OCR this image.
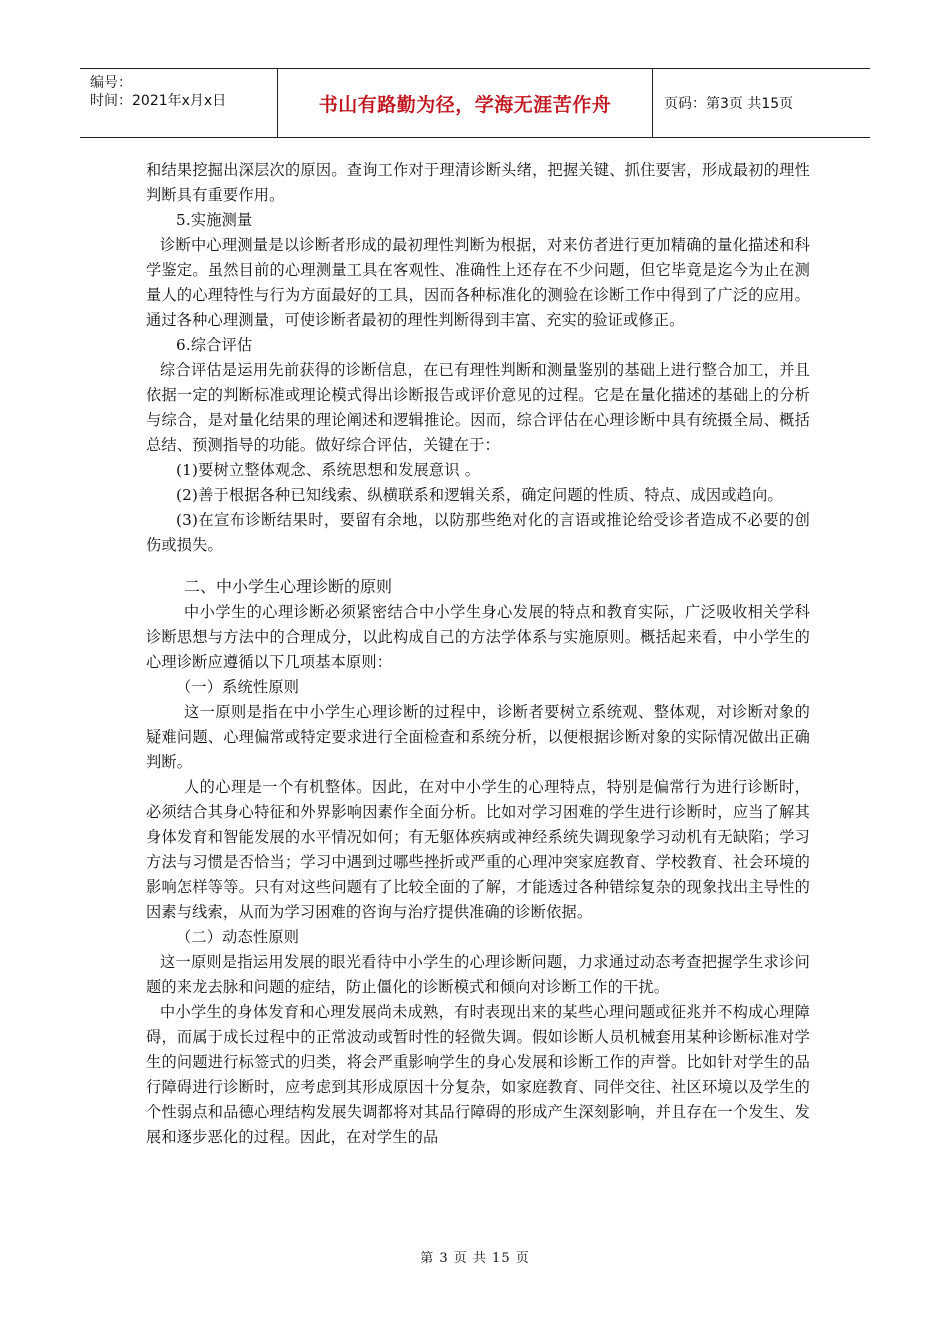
编号：
时间：2021年x月x日	书山有路勤为径，学海无涯苦作舟	页码：第3页 共15页

和结果挖掘出深层次的原因。查询工作对于理清诊断头绪，把握关键、抓住要害，形成最初的理性判断具有重要作用。

5.实施测量

诊断中心理测量是以诊断者形成的最初理性判断为根据，对来仿者进行更加精确的量化描述和科学鉴定。虽然目前的心理测量工具在客观性、准确性上还存在不少问题，但它毕竟是迄今为止在测量人的心理特性与行为方面最好的工具，因而各种标准化的测验在诊断工作中得到了广泛的应用。通过各种心理测量，可使诊断者最初的理性判断得到丰富、充实的验证或修正。

6.综合评估

综合评估是运用先前获得的诊断信息，在已有理性判断和测量鉴别的基础上进行整合加工，并且依据一定的判断标准或理论模式得出诊断报告或评价意见的过程。它是在量化描述的基础上的分析与综合，是对量化结果的理论阐述和逻辑推论。因而，综合评估在心理诊断中具有统摄全局、概括总结、预测指导的功能。做好综合评估，关键在于：

(1)要树立整体观念、系统思想和发展意识 。

(2)善于根据各种已知线索、纵横联系和逻辑关系，确定问题的性质、特点、成因或趋向。

(3)在宣布诊断结果时，要留有余地，以防那些绝对化的言语或推论给受诊者造成不必要的创伤或损失。

二、中小学生心理诊断的原则

中小学生的心理诊断必须紧密结合中小学生身心发展的特点和教育实际，广泛吸收相关学科诊断思想与方法中的合理成分，以此构成自己的方法学体系与实施原则。概括起来看，中小学生的心理诊断应遵循以下几项基本原则：

（一）系统性原则

这一原则是指在中小学生心理诊断的过程中，诊断者要树立系统观、整体观，对诊断对象的疑难问题、心理偏常或特定要求进行全面检查和系统分析，以便根据诊断对象的实际情况做出正确判断。

人的心理是一个有机整体。因此，在对中小学生的心理特点，特别是偏常行为进行诊断时，必须结合其身心特征和外界影响因素作全面分析。比如对学习困难的学生进行诊断时，应当了解其身体发育和智能发展的水平情况如何；有无躯体疾病或神经系统失调现象学习动机有无缺陷；学习方法与习惯是否恰当；学习中遇到过哪些挫折或严重的心理冲突家庭教育、学校教育、社会环境的影响怎样等等。只有对这些问题有了比较全面的了解，才能透过各种错综复杂的现象找出主导性的因素与线索，从而为学习困难的咨询与治疗提供准确的诊断依据。

（二）动态性原则

这一原则是指运用发展的眼光看待中小学生的心理诊断问题，力求通过动态考查把握学生求诊问题的来龙去脉和问题的症结，防止僵化的诊断模式和倾向对诊断工作的干扰。

中小学生的身体发育和心理发展尚未成熟，有时表现出来的某些心理问题或征兆并不构成心理障碍，而属于成长过程中的正常波动或暂时性的轻微失调。假如诊断人员机械套用某种诊断标准对学生的问题进行标签式的归类，将会严重影响学生的身心发展和诊断工作的声誉。比如针对学生的品行障碍进行诊断时，应考虑到其形成原因十分复杂，如家庭教育、同伴交往、社区环境以及学生的个性弱点和品德心理结构发展失调都将对其品行障碍的形成产生深刻影响，并且存在一个发生、发展和逐步恶化的过程。因此，在对学生的品

第 3 页 共 15 页
